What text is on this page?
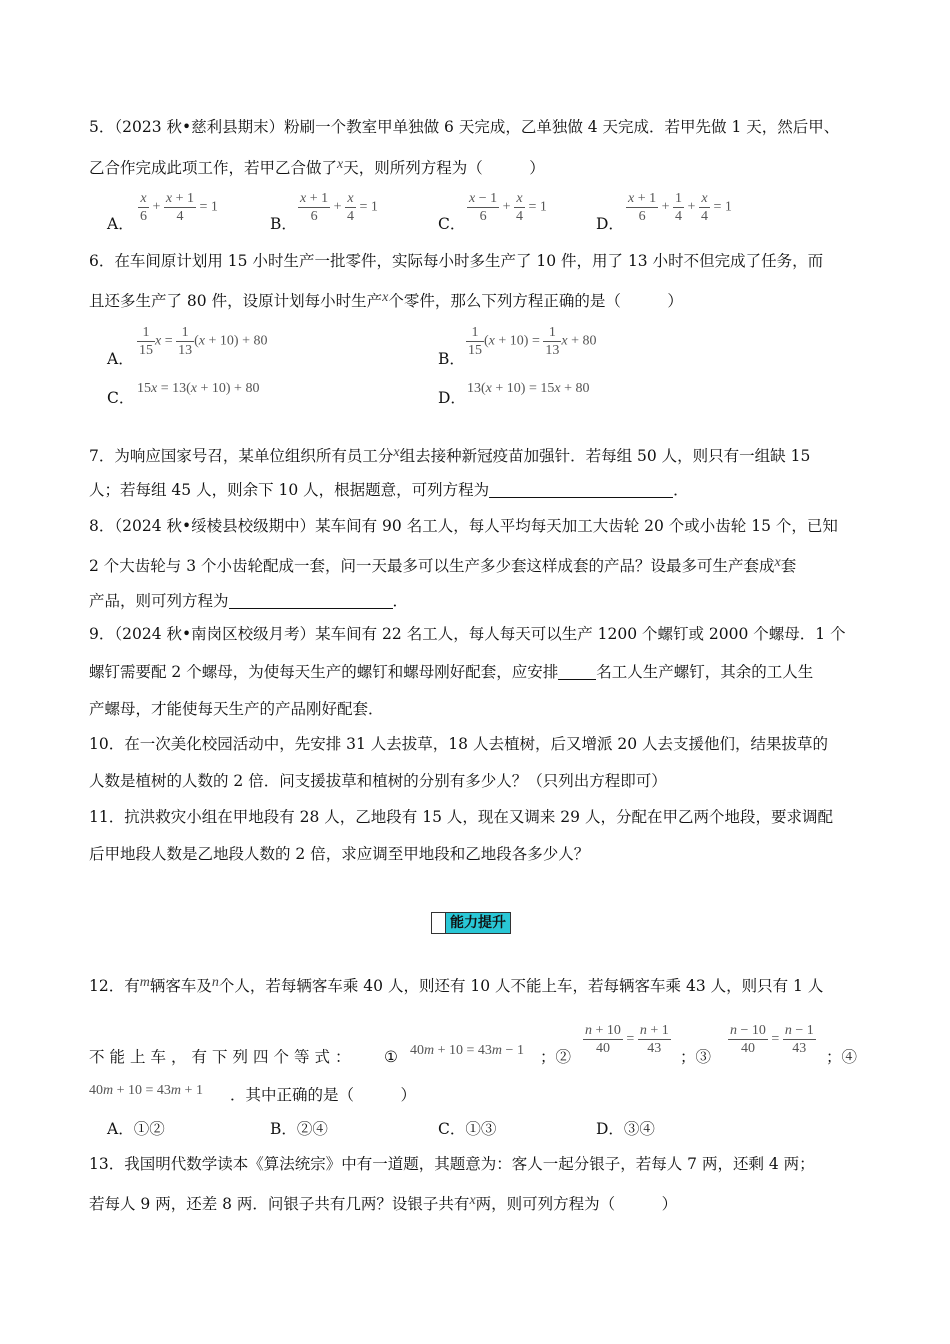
5．（2023 秋•慈利县期末）粉刷一个教室甲单独做 6 天完成，乙单独做 4 天完成．若甲先做 1 天，然后甲、
乙合作完成此项工作，若甲乙合做了x天，则所列方程为（　　　）
A． $\frac{x}{6} + \frac{x + 1}{4} = 1$
B． $\frac{x + 1}{6} + \frac{x}{4} = 1$
C． $\frac{x - 1}{6} + \frac{x}{4} = 1$
D． $\frac{x + 1}{6} + \frac{1}{4} + \frac{x}{4} = 1$
6．在车间原计划用 15 小时生产一批零件，实际每小时多生产了 10 件，用了 13 小时不但完成了任务，而
且还多生产了 80 件，设原计划每小时生产x个零件，那么下列方程正确的是（　　　）
A． $\frac{1}{15}$ $x = \frac{1}{13} (x + 10) + 80$
B． $\frac{1}{15} (x + 10) = \frac{1}{13}$ x + 80
C．
15x = 13(x + 10) + 80
D．
13(x + 10) = 15x + 80
7．为响应国家号召，某单位组织所有员工分x组去接种新冠疫苗加强针．若每组 50 人，则只有一组缺 15
人；若每组 45 人，则余下 10 人，根据题意，可列方程为	．
8．（2024 秋•绥棱县校级期中）某车间有 90 名工人，每人平均每天加工大齿轮 20 个或小齿轮 15 个，已知
2 个大齿轮与 3 个小齿轮配成一套，问一天最多可以生产多少套这样成套的产品？设最多可生产套成x套
产品，则可列方程为	．
9．（2024 秋•南岗区校级月考）某车间有 22 名工人，每人每天可以生产 1200 个螺钉或 2000 个螺母．1 个
螺钉需要配 2 个螺母，为使每天生产的螺钉和螺母刚好配套，应安排 名工人生产螺钉，其余的工人生
产螺母，才能使每天生产的产品刚好配套．
10．在一次美化校园活动中，先安排 31 人去拔草，18 人去植树，后又增派 20 人去支援他们，结果拔草的
人数是植树的人数的 2 倍．问支援拔草和植树的分别有多少人？（只列出方程即可）
11．抗洪救灾小组在甲地段有 28 人，乙地段有 15 人，现在又调来 29 人，分配在甲乙两个地段，要求调配
后甲地段人数是乙地段人数的 2 倍，求应调至甲地段和乙地段各多少人？
能力提升
12．有m辆客车及n个人，若每辆客车乘 40 人，则还有 10 人不能上车，若每辆客车乘 43 人，则只有 1 人
不能上车，有下列四个等式： ① 40m + 10 = 43m − 1 ；② $\frac{n + 10}{40} = \frac{n + 1}{43}$ ；③ $\frac{n - 10}{40} = \frac{n - 1}{43}$ ；④
40m + 10 = 43m + 1 ．其中正确的是（　　　）
A．①②	B．②④	C．①③	D．③④
13．我国明代数学读本《算法统宗》中有一道题，其题意为：客人一起分银子，若每人 7 两，还剩 4 两；
若每人 9 两，还差 8 两．问银子共有几两？设银子共有x两，则可列方程为（　　　）
